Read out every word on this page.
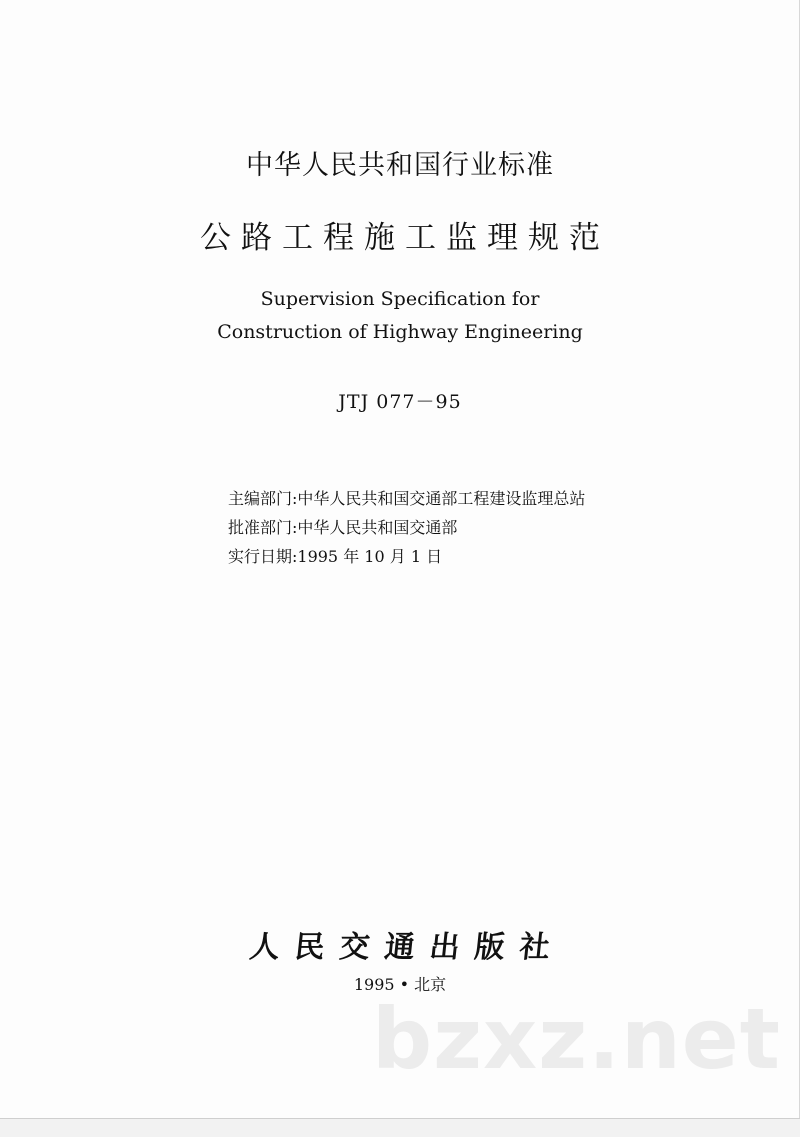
中华人民共和国行业标准
公路工程施工监理规范
Supervision Specification for
Construction of Highway Engineering
JTJ 077－95
主编部门:中华人民共和国交通部工程建设监理总站
批准部门:中华人民共和国交通部
实行日期:1995 年 10 月 1 日
人民交通出版社
1995 • 北京
bzxz.net
